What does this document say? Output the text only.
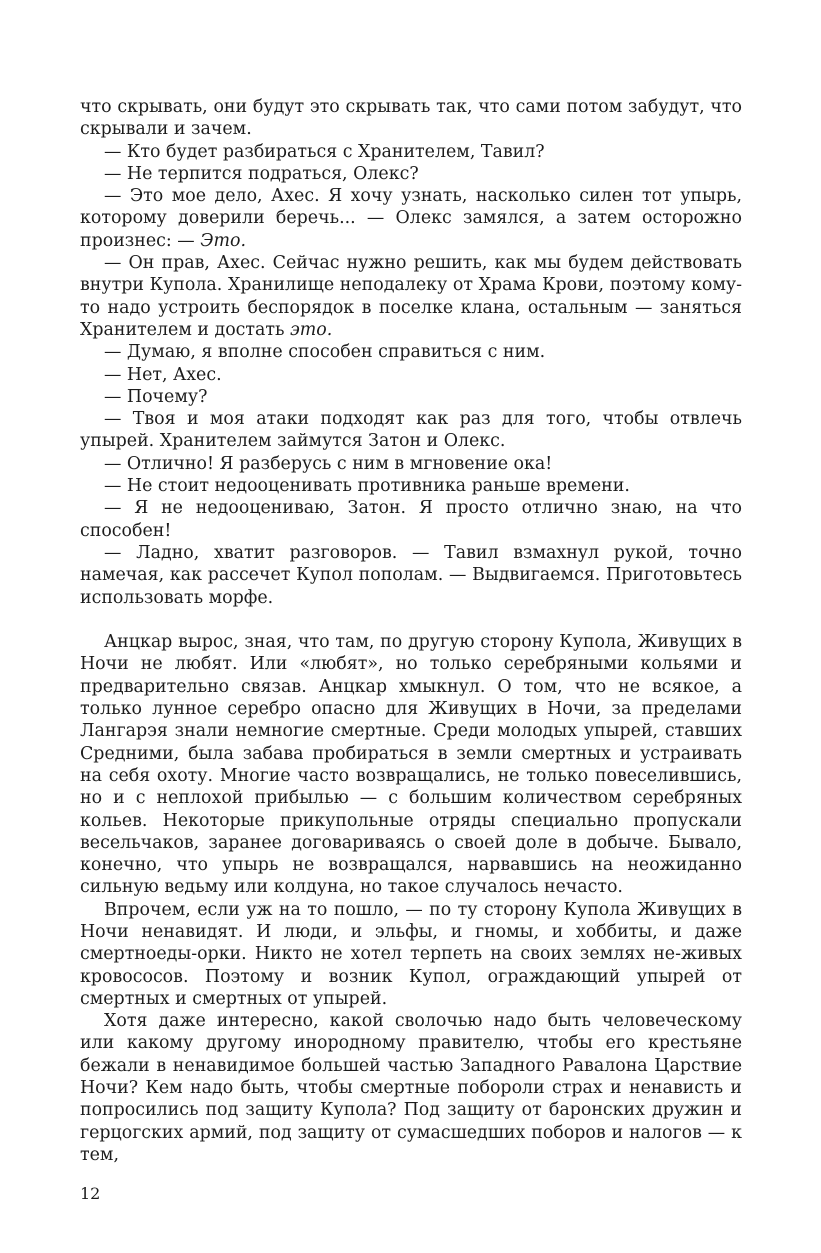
что скрывать, они будут это скрывать так, что сами потом забудут, что скрывали и зачем.

— Кто будет разбираться с Хранителем, Тавил?

— Не терпится подраться, Олекс?

— Это мое дело, Ахес. Я хочу узнать, насколько силен тот упырь, которому доверили беречь... — Олекс замялся, а затем осторожно произнес: — Это.

— Он прав, Ахес. Сейчас нужно решить, как мы будем действовать внутри Купола. Хранилище неподалеку от Храма Крови, поэтому кому-то надо устроить беспорядок в поселке клана, остальным — заняться Хранителем и достать это.

— Думаю, я вполне способен справиться с ним.

— Нет, Ахес.

— Почему?

— Твоя и моя атаки подходят как раз для того, чтобы отвлечь упырей. Хранителем займутся Затон и Олекс.

— Отлично! Я разберусь с ним в мгновение ока!

— Не стоит недооценивать противника раньше времени.

— Я не недооцениваю, Затон. Я просто отлично знаю, на что способен!

— Ладно, хватит разговоров. — Тавил взмахнул рукой, точно намечая, как рассечет Купол пополам. — Выдвигаемся. Приготовьтесь использовать морфе.

Анцкар вырос, зная, что там, по другую сторону Купола, Живущих в Ночи не любят. Или «любят», но только серебряными кольями и предварительно связав. Анцкар хмыкнул. О том, что не всякое, а только лунное серебро опасно для Живущих в Ночи, за пределами Лангарэя знали немногие смертные. Среди молодых упырей, ставших Средними, была забава пробираться в земли смертных и устраивать на себя охоту. Многие часто возвращались, не только повеселившись, но и с неплохой прибылью — с большим количеством серебряных кольев. Некоторые прикупольные отряды специально пропускали весельчаков, заранее договариваясь о своей доле в добыче. Бывало, конечно, что упырь не возвращался, нарвавшись на неожиданно сильную ведьму или колдуна, но такое случалось нечасто.

Впрочем, если уж на то пошло, — по ту сторону Купола Живущих в Ночи ненавидят. И люди, и эльфы, и гномы, и хоббиты, и даже смертноеды-орки. Никто не хотел терпеть на своих землях не-живых кровососов. Поэтому и возник Купол, ограждающий упырей от смертных и смертных от упырей.

Хотя даже интересно, какой сволочью надо быть человеческому или какому другому инородному правителю, чтобы его крестьяне бежали в ненавидимое большей частью Западного Равалона Царствие Ночи? Кем надо быть, чтобы смертные побороли страх и ненависть и попросились под защиту Купола? Под защиту от баронских дружин и герцогских армий, под защиту от сумасшедших поборов и налогов — к тем,

12
